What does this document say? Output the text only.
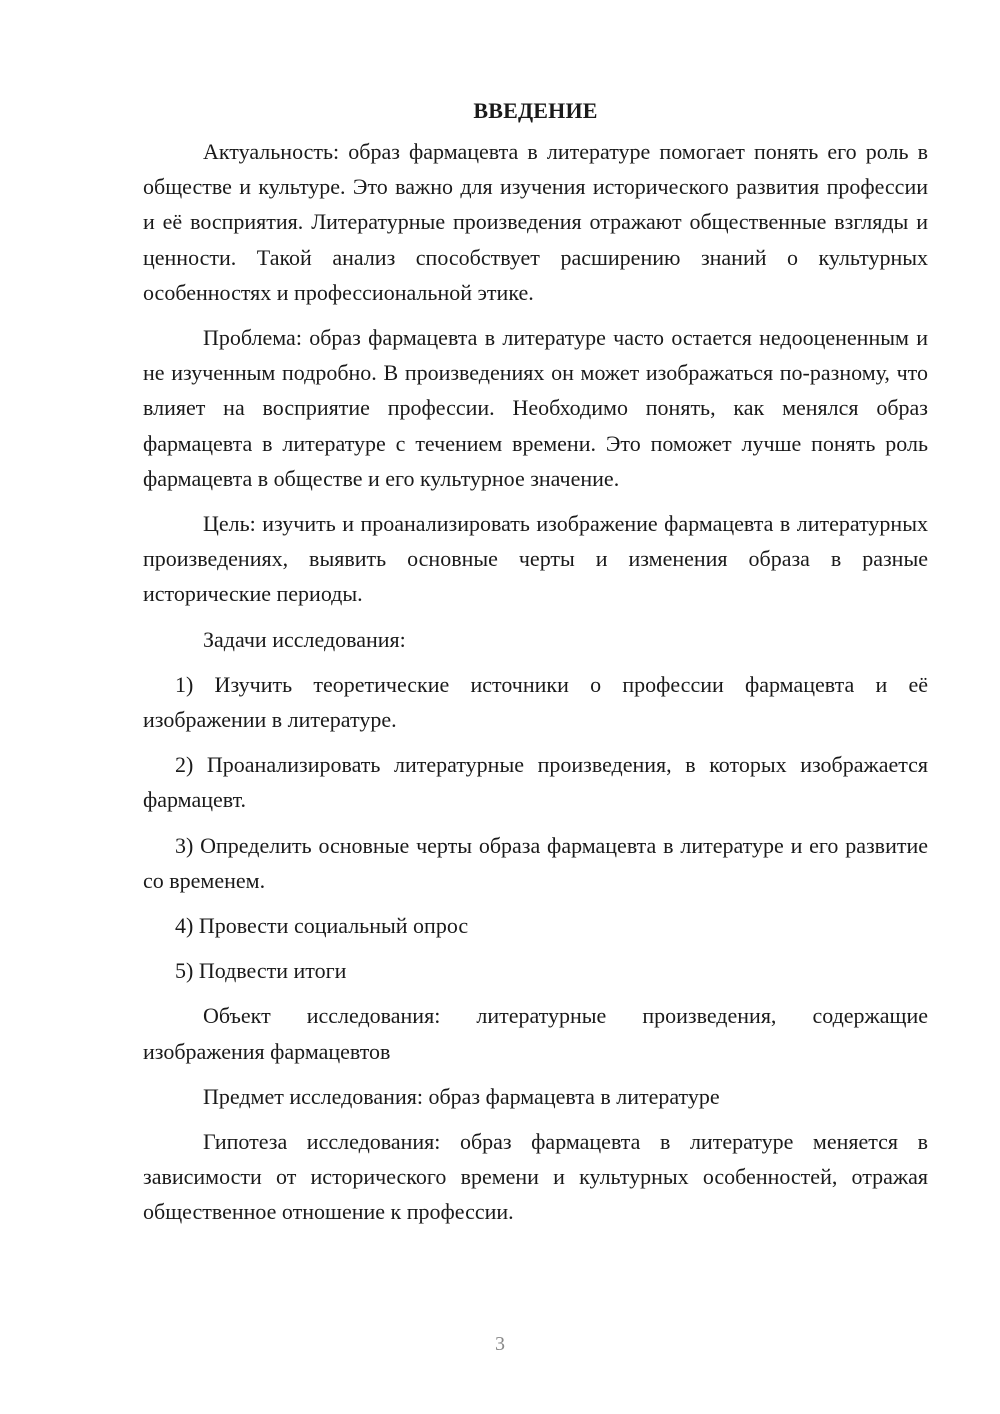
ВВЕДЕНИЕ

Актуальность: образ фармацевта в литературе помогает понять его роль в обществе и культуре. Это важно для изучения исторического развития профессии и её восприятия. Литературные произведения отражают общественные взгляды и ценности. Такой анализ способствует расширению знаний о культурных особенностях и профессиональной этике.

Проблема: образ фармацевта в литературе часто остается недооцененным и не изученным подробно. В произведениях он может изображаться по-разному, что влияет на восприятие профессии. Необходимо понять, как менялся образ фармацевта в литературе с течением времени. Это поможет лучше понять роль фармацевта в обществе и его культурное значение.

Цель: изучить и проанализировать изображение фармацевта в литературных произведениях, выявить основные черты и изменения образа в разные исторические периоды.

Задачи исследования:

1) Изучить теоретические источники о профессии фармацевта и её изображении в литературе.

2) Проанализировать литературные произведения, в которых изображается фармацевт.

3) Определить основные черты образа фармацевта в литературе и его развитие со временем.

4) Провести социальный опрос

5) Подвести итоги

Объект исследования: литературные произведения, содержащие изображения фармацевтов

Предмет исследования: образ фармацевта в литературе

Гипотеза исследования: образ фармацевта в литературе меняется в зависимости от исторического времени и культурных особенностей, отражая общественное отношение к профессии.

3
